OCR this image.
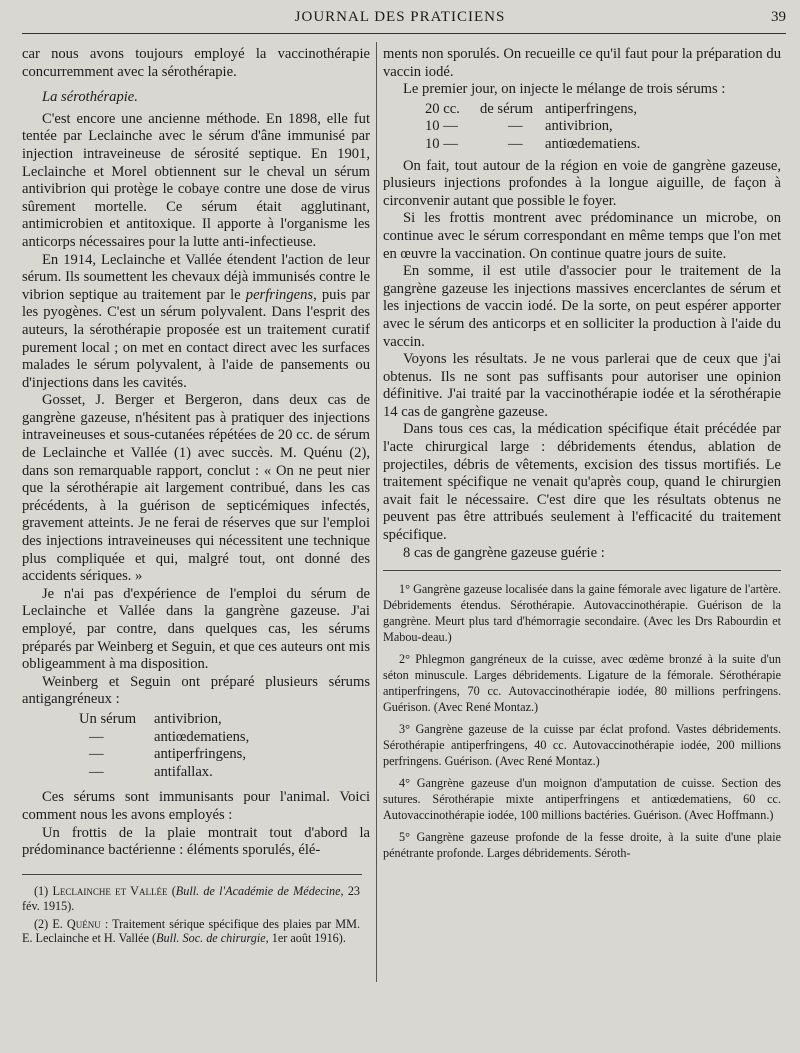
JOURNAL DES PRATICIENS	39

car nous avons toujours employé la vaccinothérapie concurremment avec la sérothérapie.

La sérothérapie.

C'est encore une ancienne méthode. En 1898, elle fut tentée par Leclainche avec le sérum d'âne immunisé par injection intraveineuse de sérosité septique. En 1901, Leclainche et Morel obtiennent sur le cheval un sérum antivibrion qui protège le cobaye contre une dose de virus sûrement mortelle. Ce sérum était agglutinant, antimicrobien et antitoxique. Il apporte à l'organisme les anticorps nécessaires pour la lutte anti-infectieuse.

En 1914, Leclainche et Vallée étendent l'action de leur sérum. Ils soumettent les chevaux déjà immunisés contre le vibrion septique au traitement par le perfringens, puis par les pyogènes. C'est un sérum polyvalent. Dans l'esprit des auteurs, la sérothérapie proposée est un traitement curatif purement local ; on met en contact direct avec les surfaces malades le sérum polyvalent, à l'aide de pansements ou d'injections dans les cavités.

Gosset, J. Berger et Bergeron, dans deux cas de gangrène gazeuse, n'hésitent pas à pratiquer des injections intraveineuses et sous-cutanées répétées de 20 cc. de sérum de Leclainche et Vallée (1) avec succès. M. Quénu (2), dans son remarquable rapport, conclut : « On ne peut nier que la sérothérapie ait largement contribué, dans les cas précédents, à la guérison de septicémiques infectés, gravement atteints. Je ne ferai de réserves que sur l'emploi des injections intraveineuses qui nécessitent une technique plus compliquée et qui, malgré tout, ont donné des accidents sériques. »

Je n'ai pas d'expérience de l'emploi du sérum de Leclainche et Vallée dans la gangrène gazeuse. J'ai employé, par contre, dans quelques cas, les sérums préparés par Weinberg et Seguin, et que ces auteurs ont mis obligeamment à ma disposition.

Weinberg et Seguin ont préparé plusieurs sérums antigangréneux :

Un sérum	antivibrion,
—	antiœdematiens,
—	antiperfringens,
—	antifallax.

Ces sérums sont immunisants pour l'animal. Voici comment nous les avons employés :

Un frottis de la plaie montrait tout d'abord la prédominance bactérienne : éléments sporulés, élé-

(1) Leclainche et Vallée (Bull. de l'Académie de Médecine, 23 fév. 1915).

(2) E. Quénu : Traitement sérique spécifique des plaies par MM. E. Leclainche et H. Vallée (Bull. Soc. de chirurgie, 1er août 1916).

ments non sporulés. On recueille ce qu'il faut pour la préparation du vaccin iodé.

Le premier jour, on injecte le mélange de trois sérums :

20 cc.	de sérum antiperfringens,
10 —	—	antivibrion,
10 —	—	antiœdematiens.

On fait, tout autour de la région en voie de gangrène gazeuse, plusieurs injections profondes à la longue aiguille, de façon à circonvenir autant que possible le foyer.

Si les frottis montrent avec prédominance un microbe, on continue avec le sérum correspondant en même temps que l'on met en œuvre la vaccination. On continue quatre jours de suite.

En somme, il est utile d'associer pour le traitement de la gangrène gazeuse les injections massives encerclantes de sérum et les injections de vaccin iodé. De la sorte, on peut espérer apporter avec le sérum des anticorps et en solliciter la production à l'aide du vaccin.

Voyons les résultats. Je ne vous parlerai que de ceux que j'ai obtenus. Ils ne sont pas suffisants pour autoriser une opinion définitive. J'ai traité par la vaccinothérapie iodée et la sérothérapie 14 cas de gangrène gazeuse.

Dans tous ces cas, la médication spécifique était précédée par l'acte chirurgical large : débridements étendus, ablation de projectiles, débris de vêtements, excision des tissus mortifiés. Le traitement spécifique ne venait qu'après coup, quand le chirurgien avait fait le nécessaire. C'est dire que les résultats obtenus ne peuvent pas être attribués seulement à l'efficacité du traitement spécifique.

8 cas de gangrène gazeuse guérie :

1° Gangrène gazeuse localisée dans la gaine fémorale avec ligature de l'artère. Débridements étendus. Sérothérapie. Autovaccinothérapie. Guérison de la gangrène. Meurt plus tard d'hémorragie secondaire. (Avec les Drs Rabourdin et Mabou-deau.)

2° Phlegmon gangréneux de la cuisse, avec œdème bronzé à la suite d'un séton minuscule. Larges débridements. Ligature de la fémorale. Sérothérapie antiperfringens, 70 cc. Autovaccinothérapie iodée, 80 millions perfringens. Guérison. (Avec René Montaz.)

3° Gangrène gazeuse de la cuisse par éclat profond. Vastes débridements. Sérothérapie antiperfringens, 40 cc. Autovaccinothérapie iodée, 200 millions perfringens. Guérison. (Avec René Montaz.)

4° Gangrène gazeuse d'un moignon d'amputation de cuisse. Section des sutures. Sérothérapie mixte antiperfringens et antiœdematiens, 60 cc. Autovaccinothérapie iodée, 100 millions bactéries. Guérison. (Avec Hoffmann.)

5° Gangrène gazeuse profonde de la fesse droite, à la suite d'une plaie pénétrante profonde. Larges débridements. Séroth-
